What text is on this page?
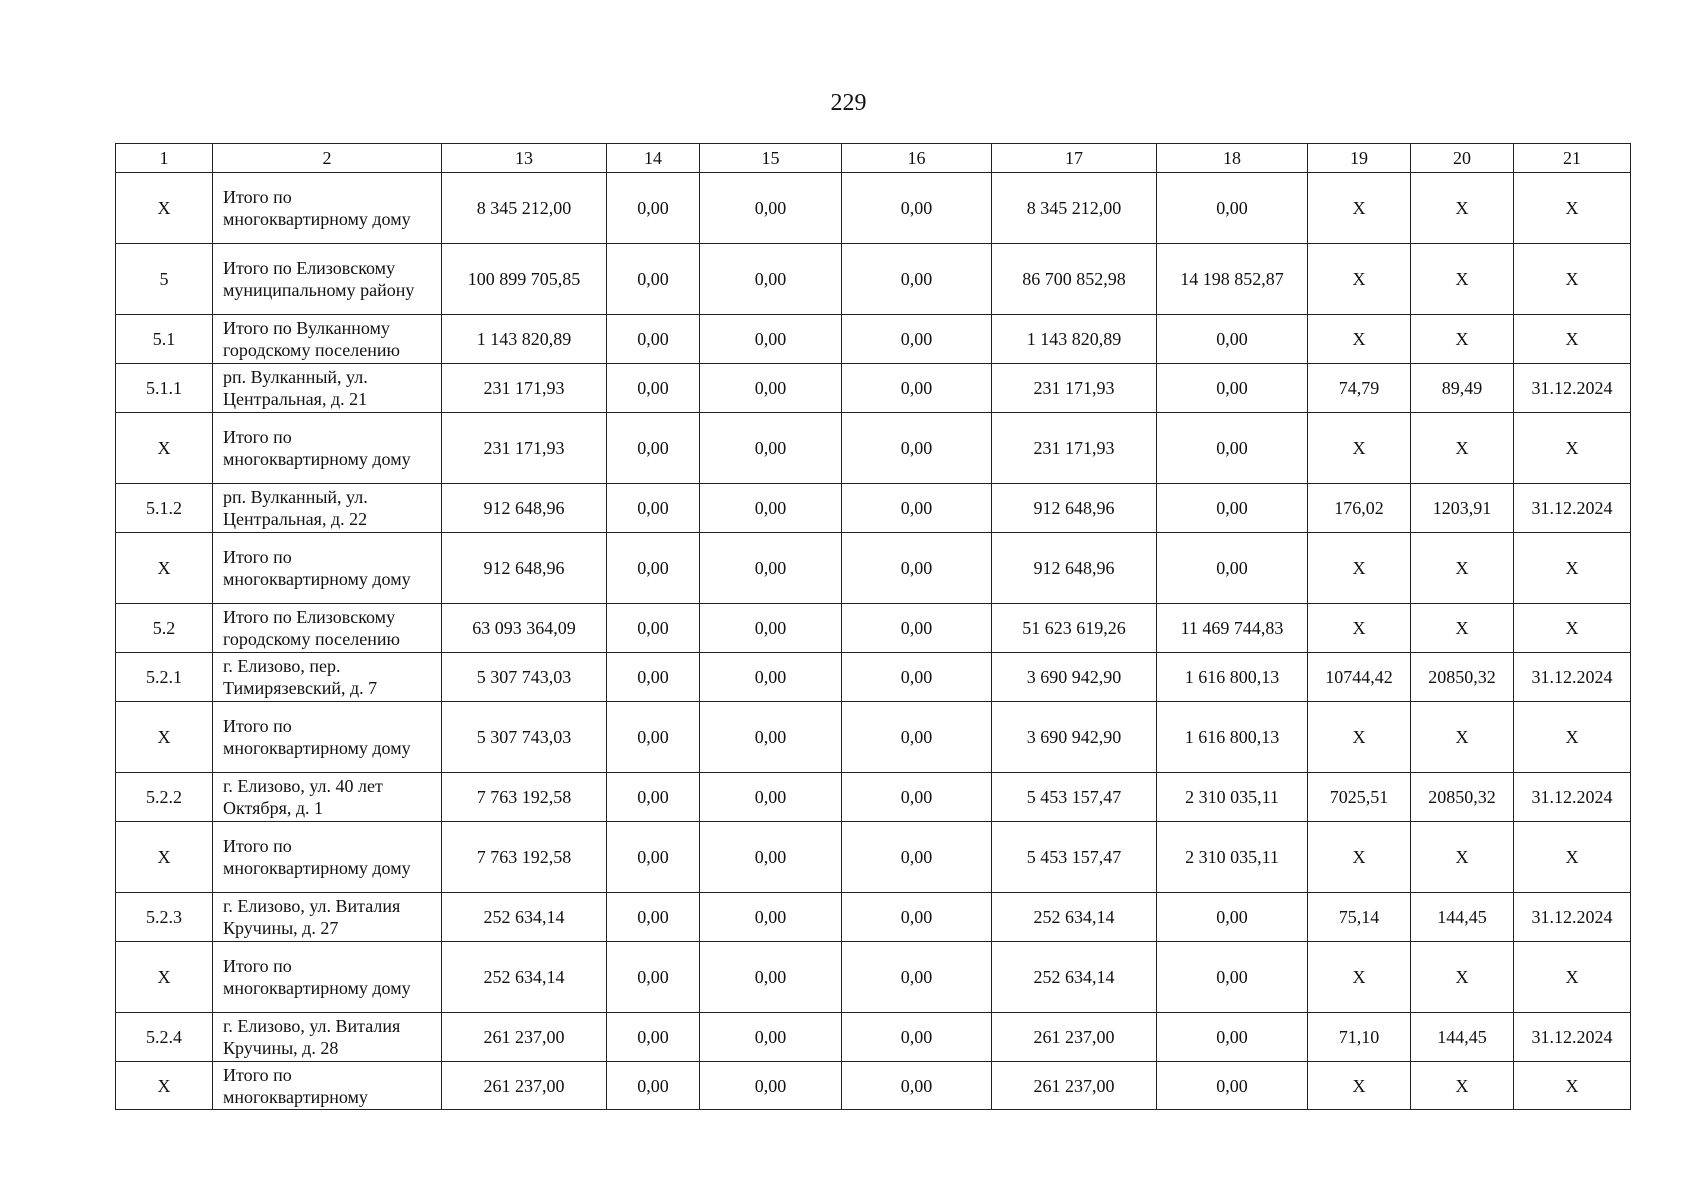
229
1	2	13	14	15	16	17	18	19	20	21
X	Итого по многоквартирному дому	8 345 212,00	0,00	0,00	0,00	8 345 212,00	0,00	X	X	X
5	Итого по Елизовскому муниципальному району	100 899 705,85	0,00	0,00	0,00	86 700 852,98	14 198 852,87	X	X	X
5.1	Итого по Вулканному городскому поселению	1 143 820,89	0,00	0,00	0,00	1 143 820,89	0,00	X	X	X
5.1.1	рп. Вулканный, ул. Центральная, д. 21	231 171,93	0,00	0,00	0,00	231 171,93	0,00	74,79	89,49	31.12.2024
X	Итого по многоквартирному дому	231 171,93	0,00	0,00	0,00	231 171,93	0,00	X	X	X
5.1.2	рп. Вулканный, ул. Центральная, д. 22	912 648,96	0,00	0,00	0,00	912 648,96	0,00	176,02	1203,91	31.12.2024
X	Итого по многоквартирному дому	912 648,96	0,00	0,00	0,00	912 648,96	0,00	X	X	X
5.2	Итого по Елизовскому городскому поселению	63 093 364,09	0,00	0,00	0,00	51 623 619,26	11 469 744,83	X	X	X
5.2.1	г. Елизово, пер. Тимирязевский, д. 7	5 307 743,03	0,00	0,00	0,00	3 690 942,90	1 616 800,13	10744,42	20850,32	31.12.2024
X	Итого по многоквартирному дому	5 307 743,03	0,00	0,00	0,00	3 690 942,90	1 616 800,13	X	X	X
5.2.2	г. Елизово, ул. 40 лет Октября, д. 1	7 763 192,58	0,00	0,00	0,00	5 453 157,47	2 310 035,11	7025,51	20850,32	31.12.2024
X	Итого по многоквартирному дому	7 763 192,58	0,00	0,00	0,00	5 453 157,47	2 310 035,11	X	X	X
5.2.3	г. Елизово, ул. Виталия Кручины, д. 27	252 634,14	0,00	0,00	0,00	252 634,14	0,00	75,14	144,45	31.12.2024
X	Итого по многоквартирному дому	252 634,14	0,00	0,00	0,00	252 634,14	0,00	X	X	X
5.2.4	г. Елизово, ул. Виталия Кручины, д. 28	261 237,00	0,00	0,00	0,00	261 237,00	0,00	71,10	144,45	31.12.2024
X	Итого по многоквартирному	261 237,00	0,00	0,00	0,00	261 237,00	0,00	X	X	X
